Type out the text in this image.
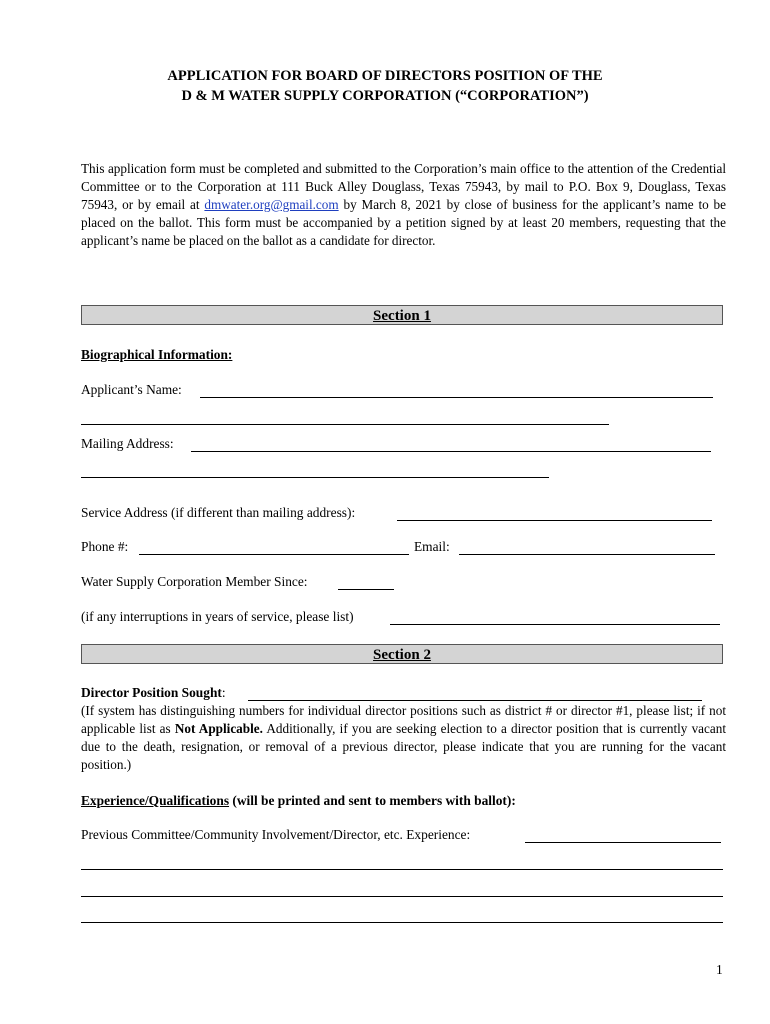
APPLICATION FOR BOARD OF DIRECTORS POSITION OF THE
D & M WATER SUPPLY CORPORATION (“CORPORATION”)
This application form must be completed and submitted to the Corporation’s main office to the attention of the Credential Committee or to the Corporation at 111 Buck Alley Douglass, Texas 75943, by mail to P.O. Box 9, Douglass, Texas 75943, or by email at dmwater.org@gmail.com by March 8, 2021 by close of business for the applicant’s name to be placed on the ballot. This form must be accompanied by a petition signed by at least 20 members, requesting that the applicant’s name be placed on the ballot as a candidate for director.
Section 1
Biographical Information:
Applicant’s Name:
Mailing Address:
Service Address (if different than mailing address):
Phone #:	Email:
Water Supply Corporation Member Since:
(if any interruptions in years of service, please list)
Section 2
Director Position Sought:
(If system has distinguishing numbers for individual director positions such as district # or director #1, please list; if not applicable list as Not Applicable. Additionally, if you are seeking election to a director position that is currently vacant due to the death, resignation, or removal of a previous director, please indicate that you are running for the vacant position.)
Experience/Qualifications (will be printed and sent to members with ballot):
Previous Committee/Community Involvement/Director, etc. Experience:
1
